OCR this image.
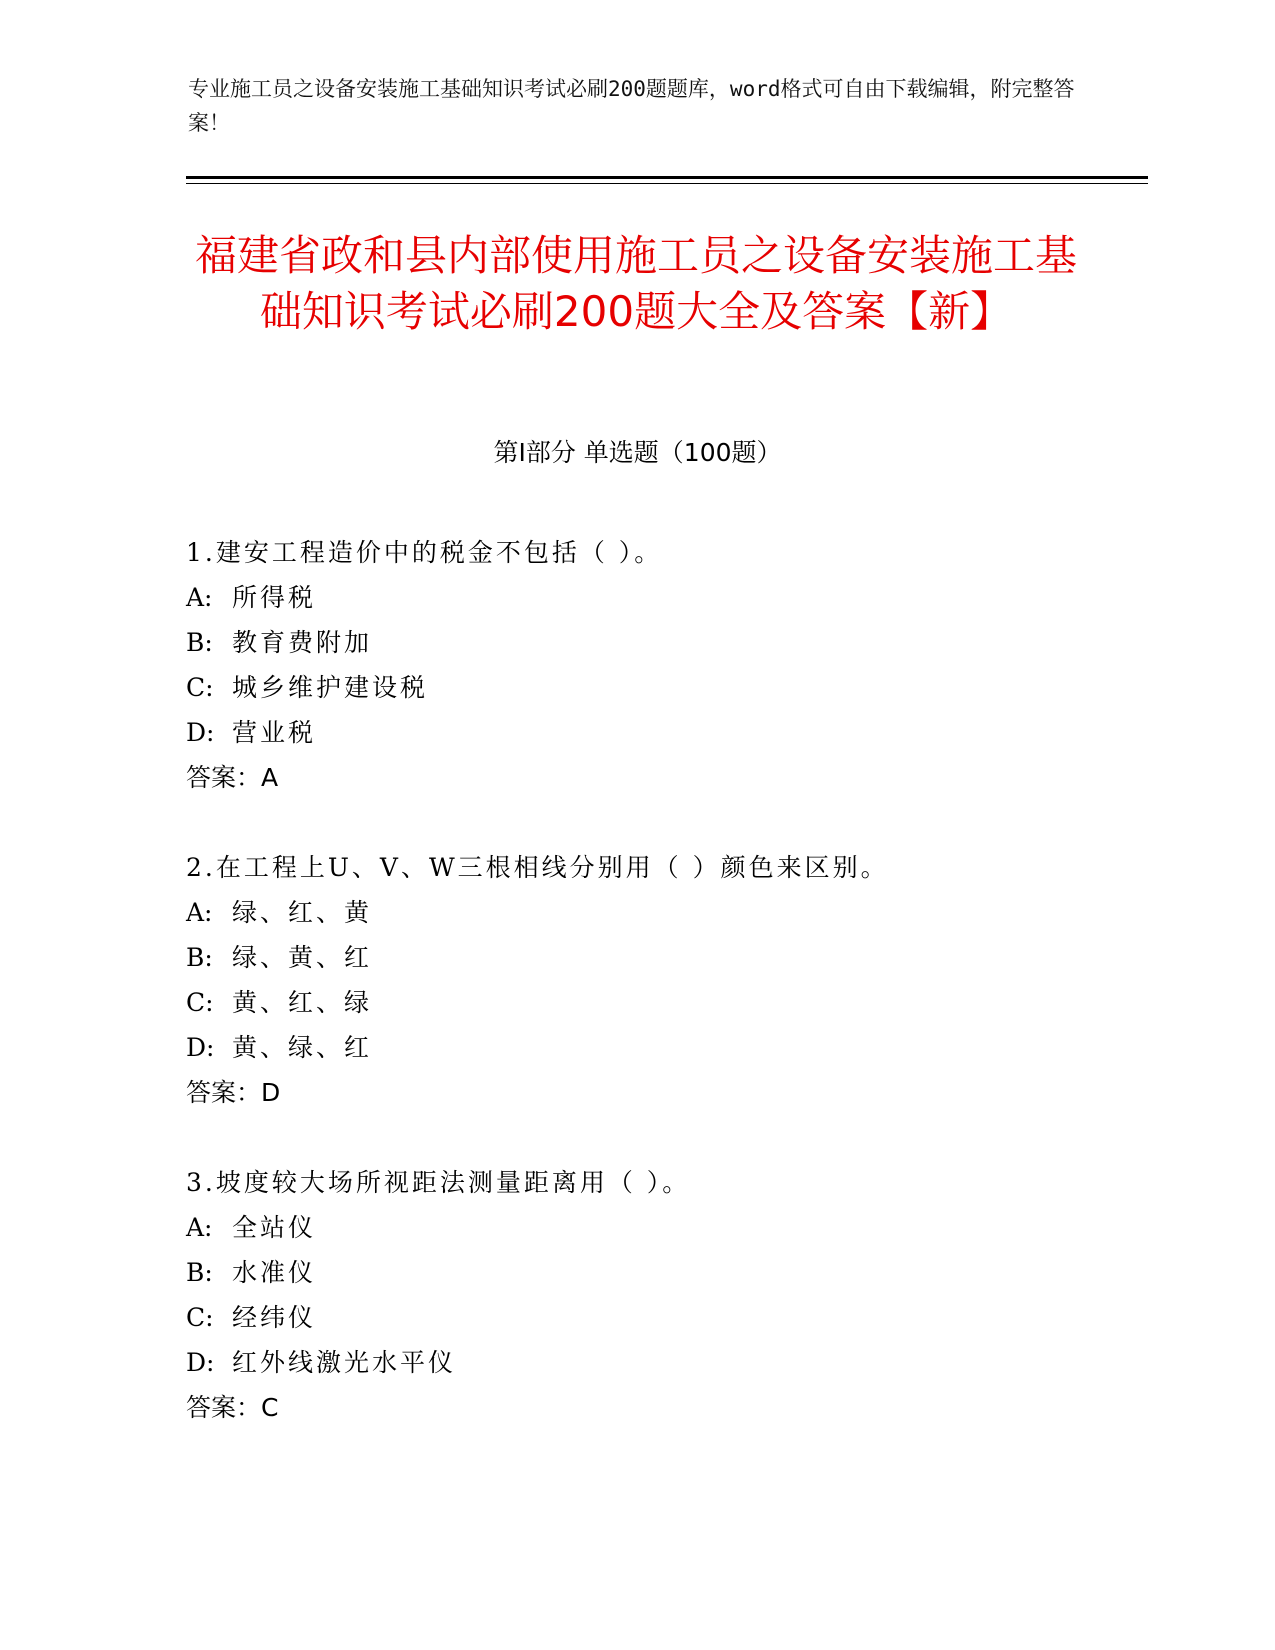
专业施工员之设备安装施工基础知识考试必刷200题题库，word格式可自由下载编辑，附完整答案！
福建省政和县内部使用施工员之设备安装施工基础知识考试必刷200题大全及答案【新】
第Ⅰ部分 单选题（100题）
1.建安工程造价中的税金不包括（ ）。
A: 所得税
B: 教育费附加
C: 城乡维护建设税
D: 营业税
答案：A
2.在工程上U、V、W三根相线分别用（ ）颜色来区别。
A: 绿、红、黄
B: 绿、黄、红
C: 黄、红、绿
D: 黄、绿、红
答案：D
3.坡度较大场所视距法测量距离用（ ）。
A: 全站仪
B: 水准仪
C: 经纬仪
D: 红外线激光水平仪
答案：C
